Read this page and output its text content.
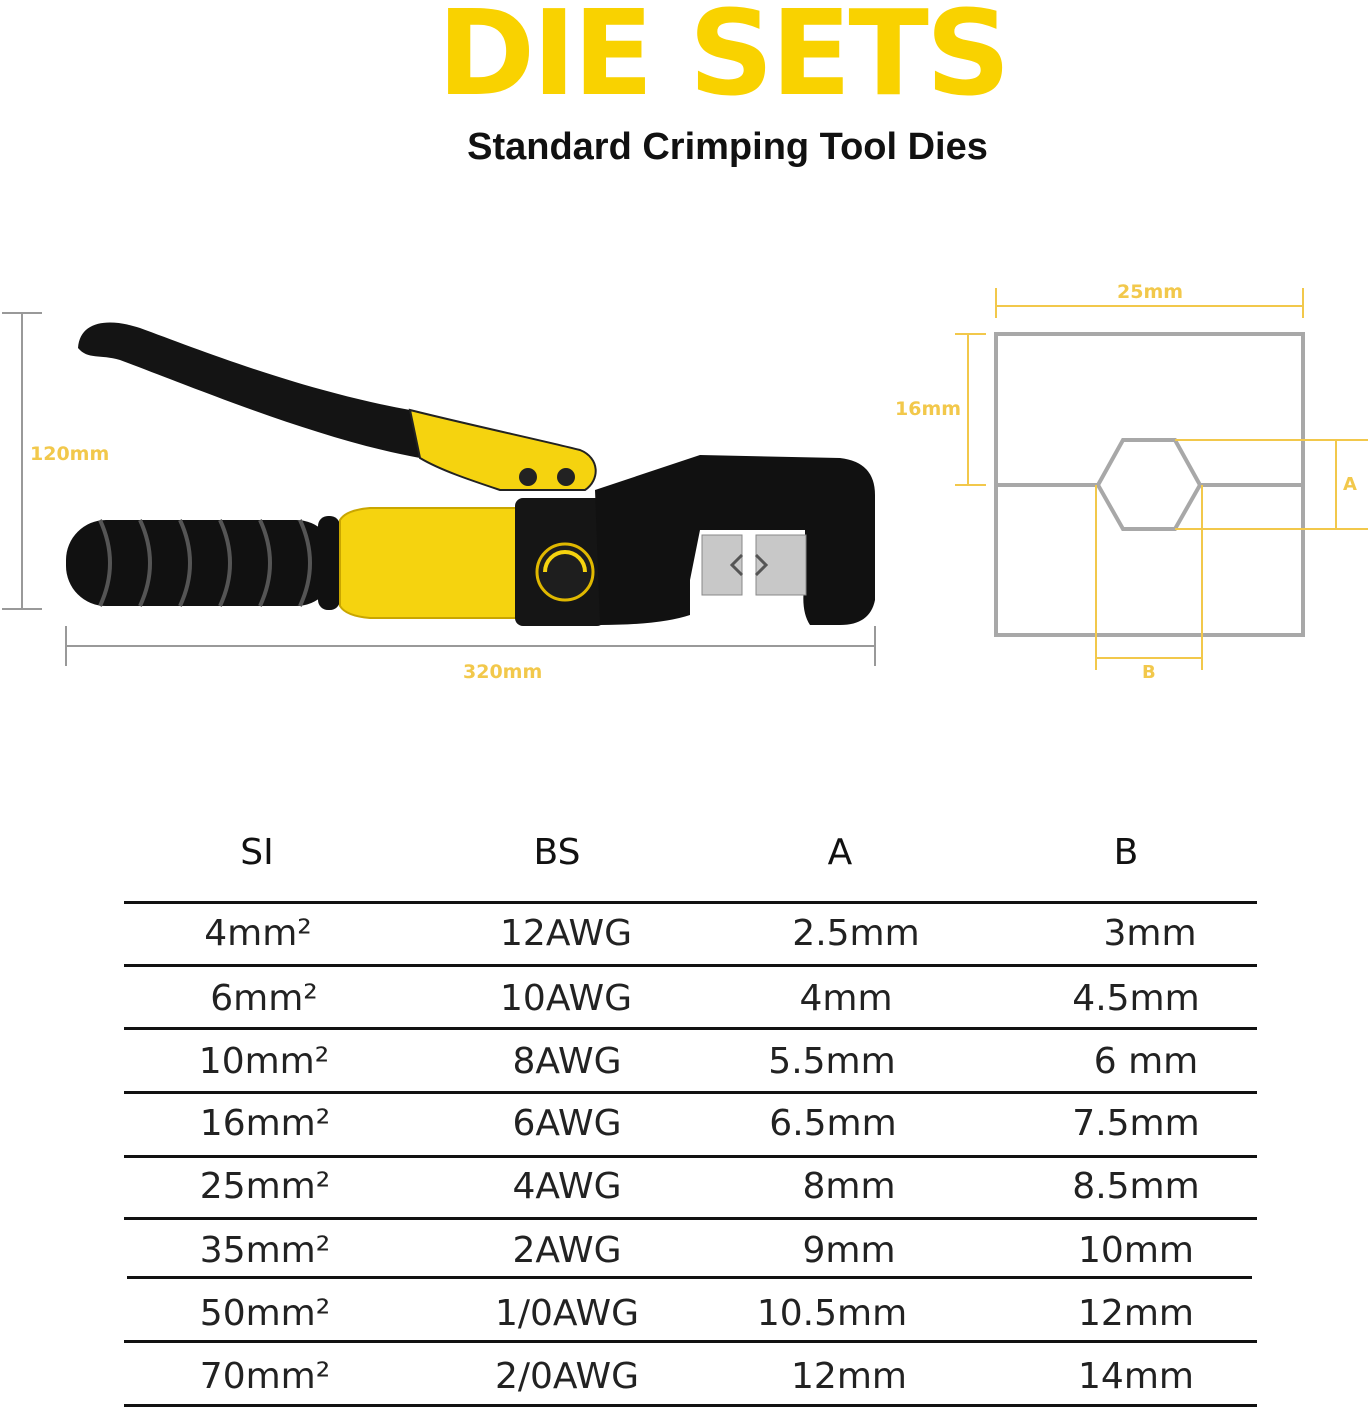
DIE SETS
Standard Crimping Tool Dies
120mm
320mm
25mm
16mm
A
B
SI	BS	A	B
4mm²	12AWG	2.5mm	3mm
6mm²	10AWG	4mm	4.5mm
10mm²	8AWG	5.5mm	6 mm
16mm²	6AWG	6.5mm	7.5mm
25mm²	4AWG	8mm	8.5mm
35mm²	2AWG	9mm	10mm
50mm²	1/0AWG	10.5mm	12mm
70mm²	2/0AWG	12mm	14mm
